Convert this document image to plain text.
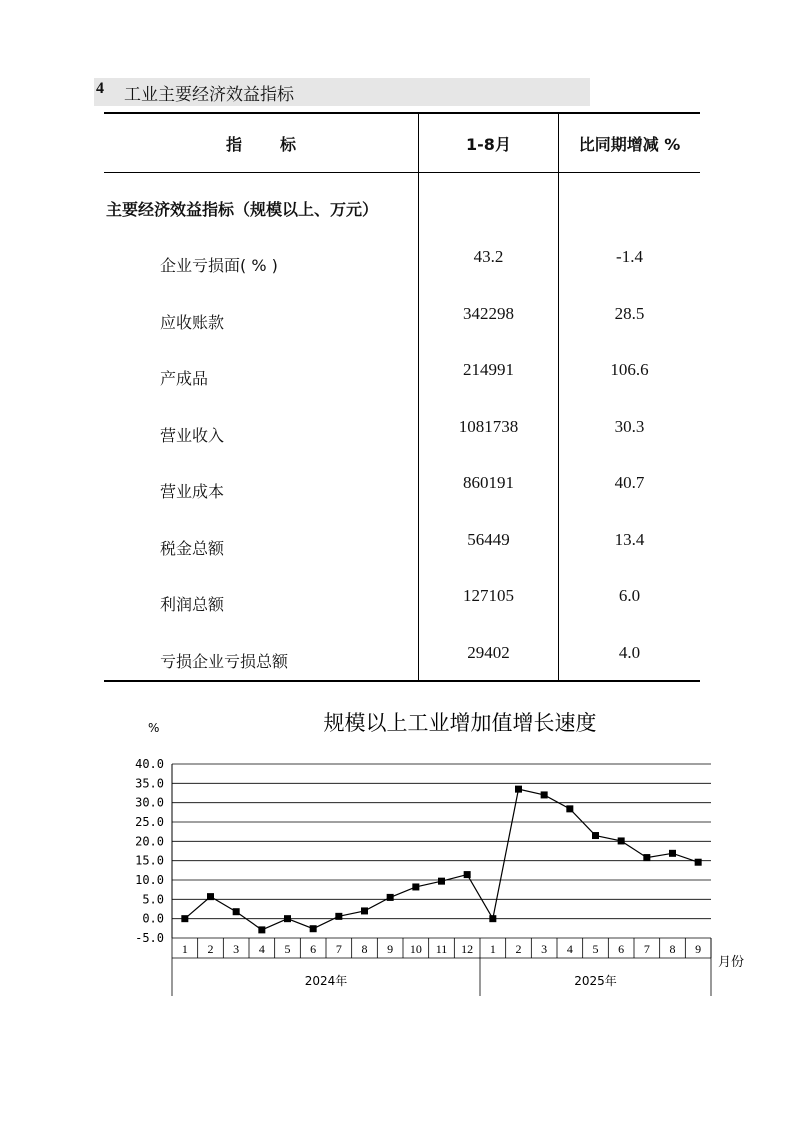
4 工业主要经济效益指标
指 标	1-8月	比同期增减 %
主要经济效益指标（规模以上、万元）		
企业亏损面( % )	43.2	-1.4
应收账款	342298	28.5
产成品	214991	106.6
营业收入	1081738	30.3
营业成本	860191	40.7
税金总额	56449	13.4
利润总额	127105	6.0
亏损企业亏损总额	29402	4.0
规模以上工业增加值增长速度
%
2024年	2025年
40.0
35.0
30.0
25.0
20.0
15.0
10.0
5.0
0.0
-5.0
1 2 3 4 5 6 7 8 9 10 11 12 1 2 3 4 5 6 7 8 9
月份
